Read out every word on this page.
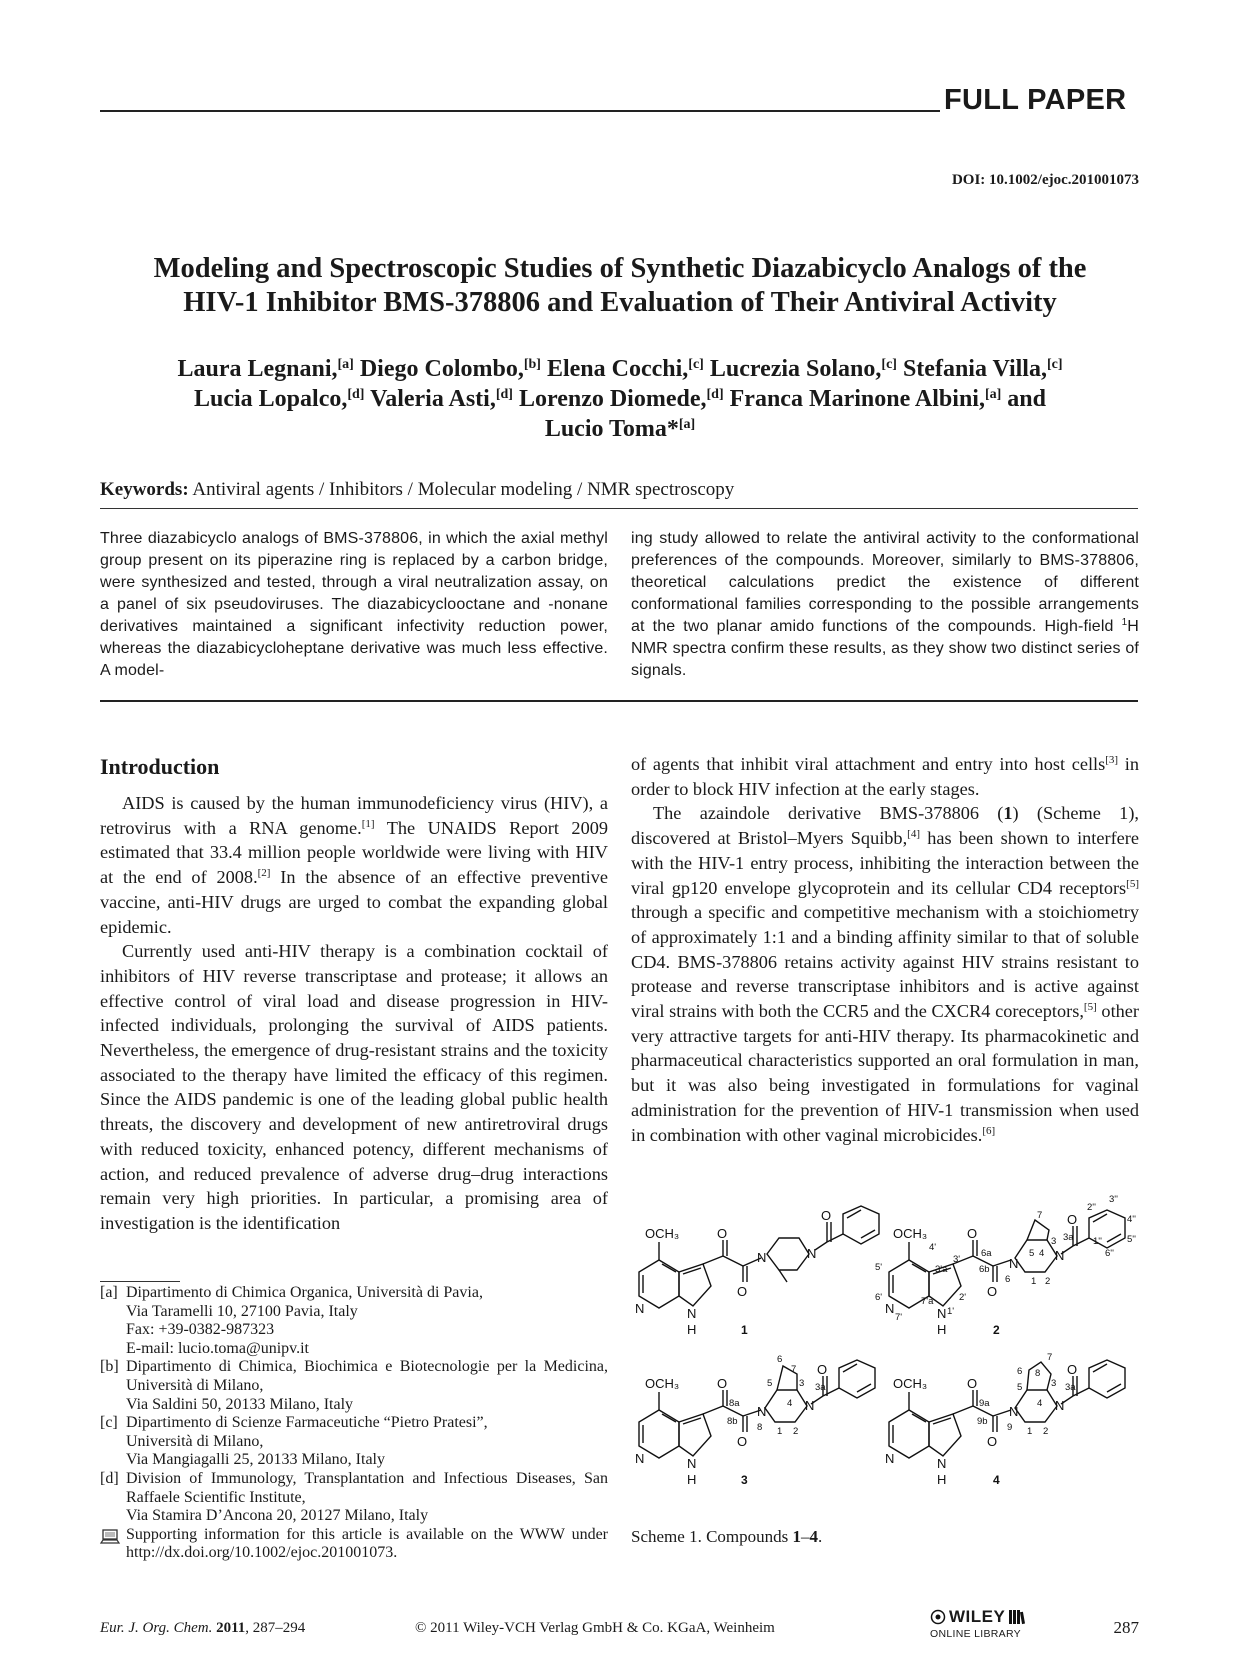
FULL PAPER
DOI: 10.1002/ejoc.201001073
Modeling and Spectroscopic Studies of Synthetic Diazabicyclo Analogs of the
HIV-1 Inhibitor BMS-378806 and Evaluation of Their Antiviral Activity
Laura Legnani,[a] Diego Colombo,[b] Elena Cocchi,[c] Lucrezia Solano,[c] Stefania Villa,[c]
Lucia Lopalco,[d] Valeria Asti,[d] Lorenzo Diomede,[d] Franca Marinone Albini,[a] and
Lucio Toma*[a]
Keywords: Antiviral agents / Inhibitors / Molecular modeling / NMR spectroscopy
Three diazabicyclo analogs of BMS-378806, in which the axial methyl group present on its piperazine ring is replaced by a carbon bridge, were synthesized and tested, through a viral neutralization assay, on a panel of six pseudoviruses. The diazabicyclooctane and -nonane derivatives maintained a significant infectivity reduction power, whereas the diazabicycloheptane derivative was much less effective. A model-
ing study allowed to relate the antiviral activity to the conformational preferences of the compounds. Moreover, similarly to BMS-378806, theoretical calculations predict the existence of different conformational families corresponding to the possible arrangements at the two planar amido functions of the compounds. High-field $^1$H NMR spectra confirm these results, as they show two distinct series of signals.
Introduction

AIDS is caused by the human immunodeficiency virus (HIV), a retrovirus with a RNA genome.[1] The UNAIDS Report 2009 estimated that 33.4 million people worldwide were living with HIV at the end of 2008.[2] In the absence of an effective preventive vaccine, anti-HIV drugs are urged to combat the expanding global epidemic.

Currently used anti-HIV therapy is a combination cocktail of inhibitors of HIV reverse transcriptase and protease; it allows an effective control of viral load and disease progression in HIV-infected individuals, prolonging the survival of AIDS patients. Nevertheless, the emergence of drug-resistant strains and the toxicity associated to the therapy have limited the efficacy of this regimen. Since the AIDS pandemic is one of the leading global public health threats, the discovery and development of new antiretroviral drugs with reduced toxicity, enhanced potency, different mechanisms of action, and reduced prevalence of adverse drug–drug interactions remain very high priorities. In particular, a promising area of investigation is the identification

of agents that inhibit viral attachment and entry into host cells[3] in order to block HIV infection at the early stages.

The azaindole derivative BMS-378806 (1) (Scheme 1), discovered at Bristol–Myers Squibb,[4] has been shown to interfere with the HIV-1 entry process, inhibiting the interaction between the viral gp120 envelope glycoprotein and its cellular CD4 receptors[5] through a specific and competitive mechanism with a stoichiometry of approximately 1:1 and a binding affinity similar to that of soluble CD4. BMS-378806 retains activity against HIV strains resistant to protease and reverse transcriptase inhibitors and is active against viral strains with both the CCR5 and the CXCR4 coreceptors,[5] other very attractive targets for anti-HIV therapy. Its pharmacokinetic and pharmaceutical characteristics supported an oral formulation in man, but it was also being investigated in formulations for vaginal administration for the prevention of HIV-1 transmission when used in combination with other vaginal microbicides.[6]

[a] Dipartimento di Chimica Organica, Università di Pavia,
Via Taramelli 10, 27100 Pavia, Italy
Fax: +39-0382-987323
E-mail: lucio.toma@unipv.it
[b] Dipartimento di Chimica, Biochimica e Biotecnologie per la Medicina, Università di Milano,
Via Saldini 50, 20133 Milano, Italy
[c] Dipartimento di Scienze Farmaceutiche “Pietro Pratesi”,
Università di Milano,
Via Mangiagalli 25, 20133 Milano, Italy
[d] Division of Immunology, Transplantation and Infectious Diseases, San Raffaele Scientific Institute,
Via Stamira D’Ancona 20, 20127 Milano, Italy
Supporting information for this article is available on the WWW under http://dx.doi.org/10.1002/ejoc.201001073.
OCH₃	O
O
N	N
H
N	N
O
1
OCH₃	O
O
N	N
H
N
N
O
2
4'
5'
6'
7'
7'a
3'a
3'
2'
1'
6a
6b
5 4
7
3 3a
1 2
6
1''
2''
3''
4''
5''
6''
OCH₃	O
O
N	N
H
N	N
O
3
8a
8b
6
5
7
4
3 3a
1 2
8
OCH₃	O
O
N	N
H
N	N
O
4
9a
9b
6 8
5
7
4
3 3a
1 2
9
Scheme 1. Compounds 1–4.
Eur. J. Org. Chem. 2011, 287–294	© 2011 Wiley-VCH Verlag GmbH & Co. KGaA, Weinheim
WILEY
ONLINE LIBRARY	287
